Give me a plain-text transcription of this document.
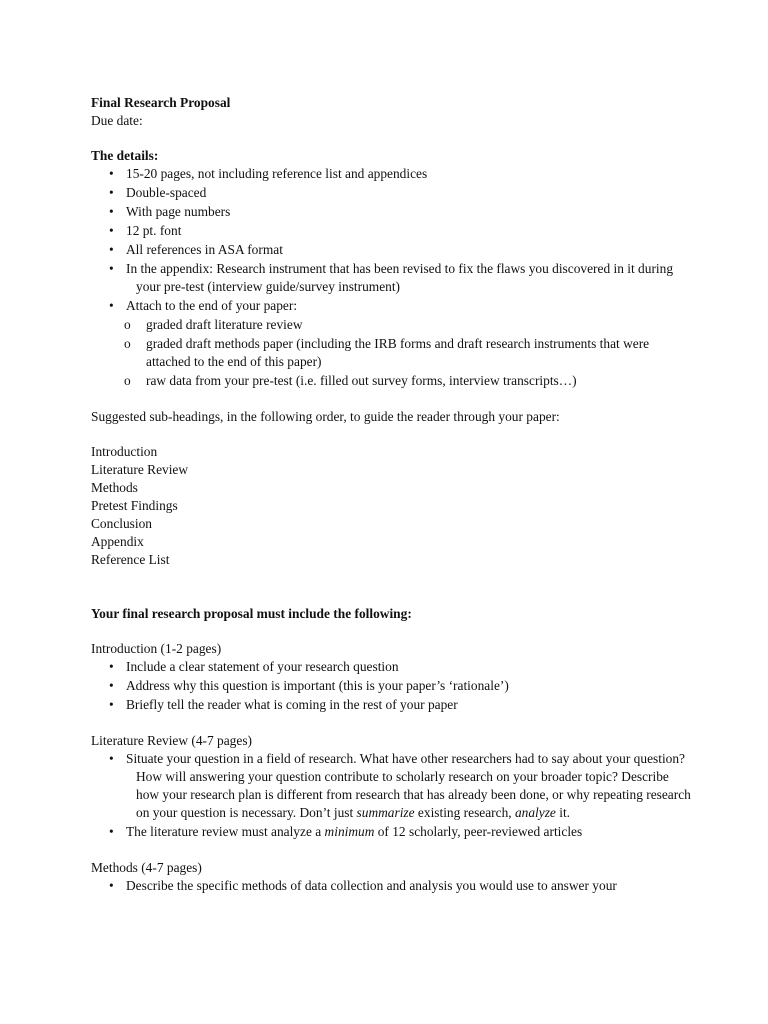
Final Research Proposal

Due date:

The details:

• 15-20 pages, not including reference list and appendices
• Double-spaced
• With page numbers
• 12 pt. font
• All references in ASA format
• In the appendix: Research instrument that has been revised to fix the flaws you discovered in it during your pre-test (interview guide/survey instrument)
• Attach to the end of your paper:
o	graded draft literature review
o	graded draft methods paper (including the IRB forms and draft research instruments that were attached to the end of this paper)
o	raw data from your pre-test (i.e. filled out survey forms, interview transcripts…)

Suggested sub-headings, in the following order, to guide the reader through your paper:

Introduction

Literature Review

Methods

Pretest Findings

Conclusion

Appendix

Reference List

Your final research proposal must include the following:

Introduction (1-2 pages)

• Include a clear statement of your research question
• Address why this question is important (this is your paper’s ‘rationale’)
• Briefly tell the reader what is coming in the rest of your paper

Literature Review (4-7 pages)

• Situate your question in a field of research. What have other researchers had to say about your question? How will answering your question contribute to scholarly research on your broader topic? Describe how your research plan is different from research that has already been done, or why repeating research on your question is necessary. Don’t just summarize existing research, analyze it.
• The literature review must analyze a minimum of 12 scholarly, peer-reviewed articles

Methods (4-7 pages)

• Describe the specific methods of data collection and analysis you would use to answer your
